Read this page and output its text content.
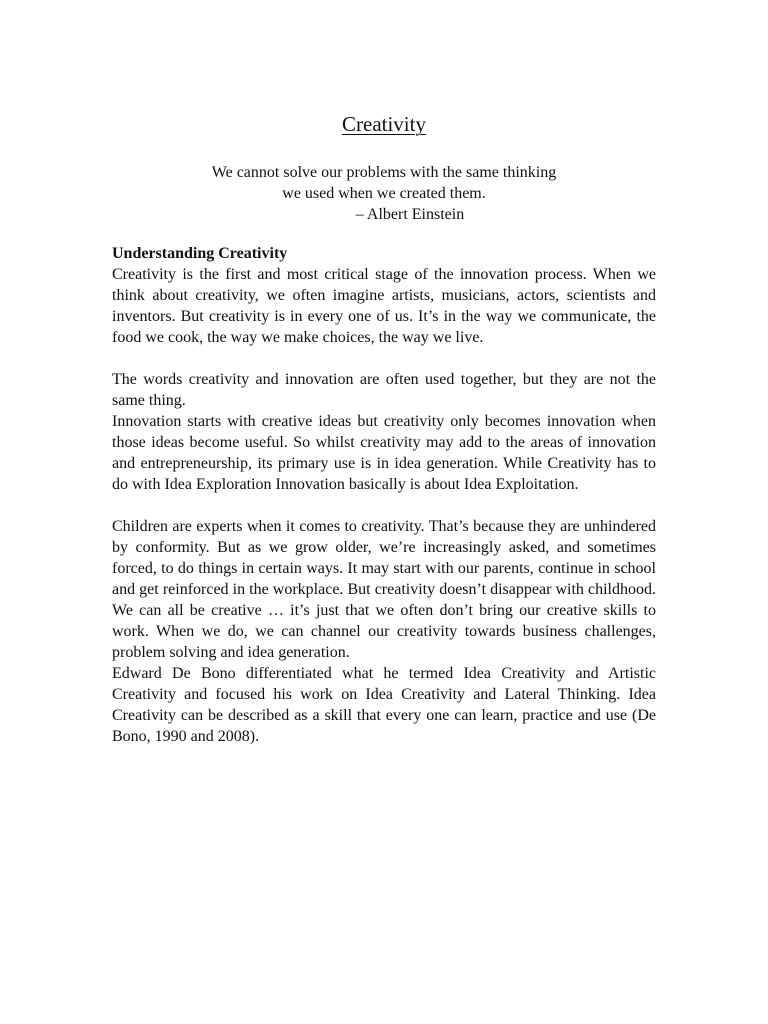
Creativity
We cannot solve our problems with the same thinking
we used when we created them.
– Albert Einstein
Understanding Creativity

Creativity is the first and most critical stage of the innovation process. When we think about creativity, we often imagine artists, musicians, actors, scientists and inventors. But creativity is in every one of us. It’s in the way we communicate, the food we cook, the way we make choices, the way we live.

The words creativity and innovation are often used together, but they are not the same thing.

Innovation starts with creative ideas but creativity only becomes innovation when those ideas become useful. So whilst creativity may add to the areas of innovation and entrepreneurship, its primary use is in idea generation. While Creativity has to do with Idea Exploration Innovation basically is about Idea Exploitation.

Children are experts when it comes to creativity. That’s because they are unhindered by conformity. But as we grow older, we’re increasingly asked, and sometimes forced, to do things in certain ways. It may start with our parents, continue in school and get reinforced in the workplace. But creativity doesn’t disappear with childhood. We can all be creative … it’s just that we often don’t bring our creative skills to work. When we do, we can channel our creativity towards business challenges, problem solving and idea generation.

Edward De Bono differentiated what he termed Idea Creativity and Artistic Creativity and focused his work on Idea Creativity and Lateral Thinking. Idea Creativity can be described as a skill that every one can learn, practice and use (De Bono, 1990 and 2008).
